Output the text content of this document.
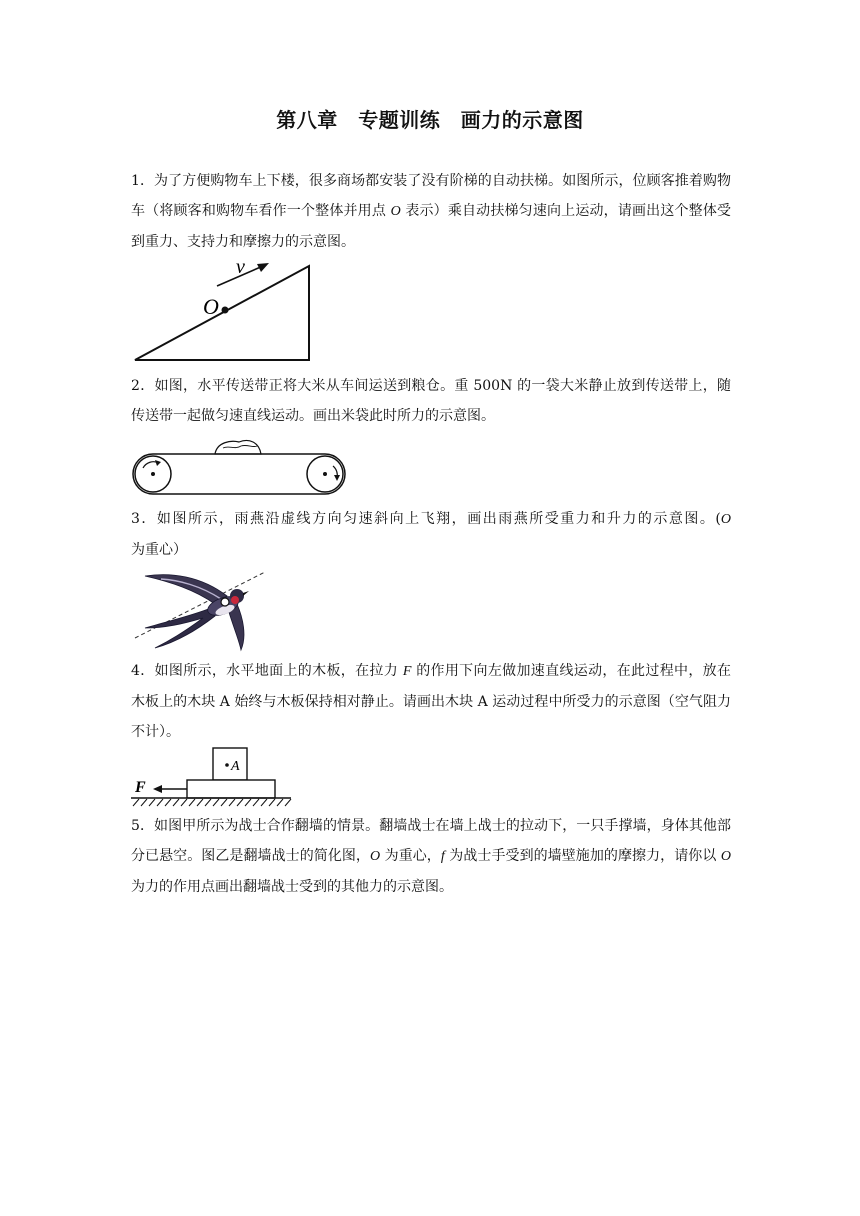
第八章　专题训练　画力的示意图

1．为了方便购物车上下楼，很多商场都安装了没有阶梯的自动扶梯。如图所示，位顾客推着购物车（将顾客和购物车看作一个整体并用点 O 表示）乘自动扶梯匀速向上运动，请画出这个整体受到重力、支持力和摩擦力的示意图。

v
O

2．如图，水平传送带正将大米从车间运送到粮仓。重 500N 的一袋大米静止放到传送带上，随传送带一起做匀速直线运动。画出米袋此时所力的示意图。

3．如图所示，雨燕沿虚线方向匀速斜向上飞翔，画出雨燕所受重力和升力的示意图。(O 为重心）

4．如图所示，水平地面上的木板，在拉力 F 的作用下向左做加速直线运动，在此过程中，放在木板上的木块 A 始终与木板保持相对静止。请画出木块 A 运动过程中所受力的示意图（空气阻力不计）。

A
F

5．如图甲所示为战士合作翻墙的情景。翻墙战士在墙上战士的拉动下，一只手撑墙，身体其他部分已悬空。图乙是翻墙战士的简化图，O 为重心，f 为战士手受到的墙壁施加的摩擦力，请你以 O 为力的作用点画出翻墙战士受到的其他力的示意图。
